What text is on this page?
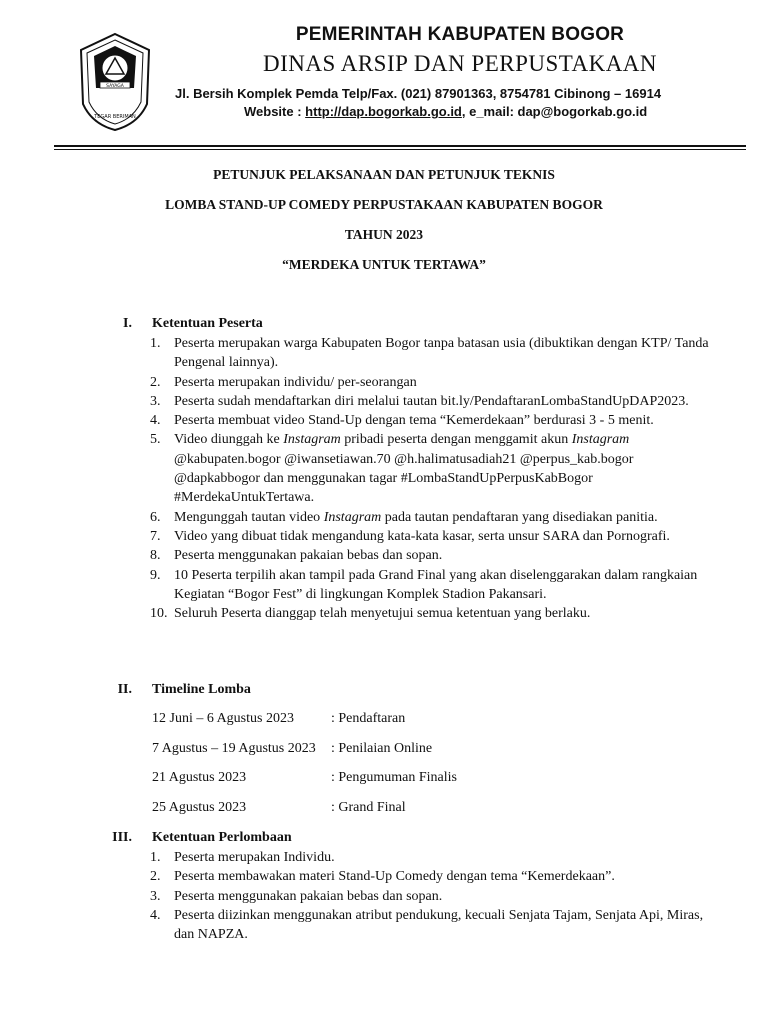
SAYAGA
TEGAR BERIMAN
PEMERINTAH KABUPATEN BOGOR
DINAS ARSIP DAN PERPUSTAKAAN
Jl. Bersih Komplek Pemda Telp/Fax. (021) 87901363, 8754781 Cibinong – 16914
Website : http://dap.bogorkab.go.id, e_mail: dap@bogorkab.go.id
PETUNJUK PELAKSANAAN DAN PETUNJUK TEKNIS
LOMBA STAND-UP COMEDY PERPUSTAKAAN KABUPATEN BOGOR
TAHUN 2023
“MERDEKA UNTUK TERTAWA”
I. Ketentuan Peserta
1. Peserta merupakan warga Kabupaten Bogor tanpa batasan usia (dibuktikan dengan KTP/ Tanda Pengenal lainnya).
2. Peserta merupakan individu/ per-seorangan
3. Peserta sudah mendaftarkan diri melalui tautan bit.ly/PendaftaranLombaStandUpDAP2023.
4. Peserta membuat video Stand-Up dengan tema “Kemerdekaan” berdurasi 3 - 5 menit.
5. Video diunggah ke Instagram pribadi peserta dengan menggamit akun Instagram @kabupaten.bogor @iwansetiawan.70 @h.halimatusadiah21 @perpus_kab.bogor @dapkabbogor dan menggunakan tagar #LombaStandUpPerpusKabBogor #MerdekaUntukTertawa.
6. Mengunggah tautan video Instagram pada tautan pendaftaran yang disediakan panitia.
7. Video yang dibuat tidak mengandung kata-kata kasar, serta unsur SARA dan Pornografi.
8. Peserta menggunakan pakaian bebas dan sopan.
9. 10 Peserta terpilih akan tampil pada Grand Final yang akan diselenggarakan dalam rangkaian Kegiatan “Bogor Fest” di lingkungan Komplek Stadion Pakansari.
10. Seluruh Peserta dianggap telah menyetujui semua ketentuan yang berlaku.
II. Timeline Lomba
12 Juni – 6 Agustus 2023	: Pendaftaran
7 Agustus – 19 Agustus 2023 : Penilaian Online
21 Agustus 2023	: Pengumuman Finalis
25 Agustus 2023	: Grand Final
III. Ketentuan Perlombaan
1. Peserta merupakan Individu.
2. Peserta membawakan materi Stand-Up Comedy dengan tema “Kemerdekaan”.
3. Peserta menggunakan pakaian bebas dan sopan.
4. Peserta diizinkan menggunakan atribut pendukung, kecuali Senjata Tajam, Senjata Api, Miras, dan NAPZA.
